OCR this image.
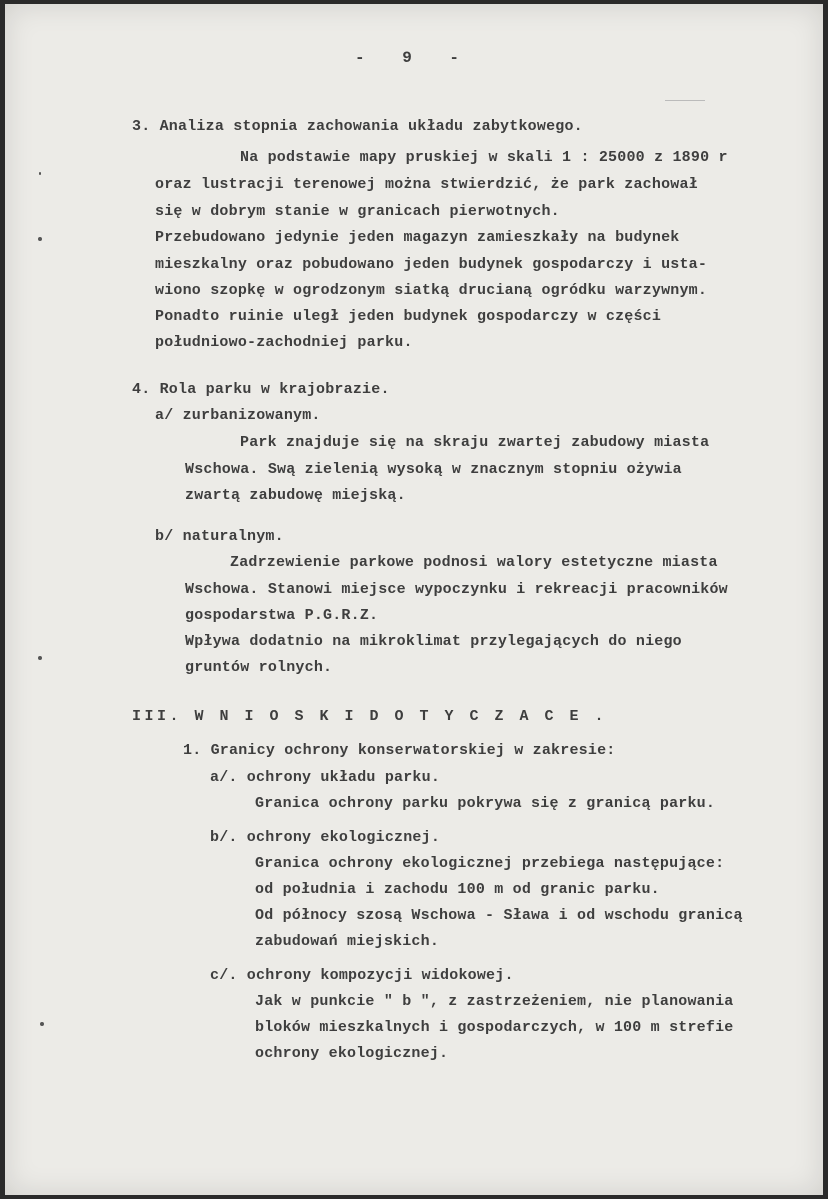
- 9 -
3. Analiza stopnia zachowania układu zabytkowego.
Na podstawie mapy pruskiej w skali 1 : 25000 z 1890 r
oraz lustracji terenowej można stwierdzić, że park zachował
się w dobrym stanie w granicach pierwotnych.
Przebudowano jedynie jeden magazyn zamieszkały na budynek
mieszkalny oraz pobudowano jeden budynek gospodarczy i usta-
wiono szopkę w ogrodzonym siatką drucianą ogródku warzywnym.
Ponadto ruinie uległ jeden budynek gospodarczy w części
południowo-zachodniej parku.
4. Rola parku w krajobrazie.
a/ zurbanizowanym.
Park znajduje się na skraju zwartej zabudowy miasta
Wschowa. Swą zielenią wysoką w znacznym stopniu ożywia
zwartą zabudowę miejską.
b/ naturalnym.
Zadrzewienie parkowe podnosi walory estetyczne miasta
Wschowa. Stanowi miejsce wypoczynku i rekreacji pracowników
gospodarstwa P.G.R.Z.
Wpływa dodatnio na mikroklimat przylegających do niego
gruntów rolnych.
III. W N I O S K I D O T Y C Z A C E .
1. Granicy ochrony konserwatorskiej w zakresie:
a/. ochrony układu parku.
Granica ochrony parku pokrywa się z granicą parku.
b/. ochrony ekologicznej.
Granica ochrony ekologicznej przebiega następujące:
od południa i zachodu 100 m od granic parku.
Od północy szosą Wschowa - Sława i od wschodu granicą
zabudowań miejskich.
c/. ochrony kompozycji widokowej.
Jak w punkcie " b ", z zastrzeżeniem, nie planowania
bloków mieszkalnych i gospodarczych, w 100 m strefie
ochrony ekologicznej.
